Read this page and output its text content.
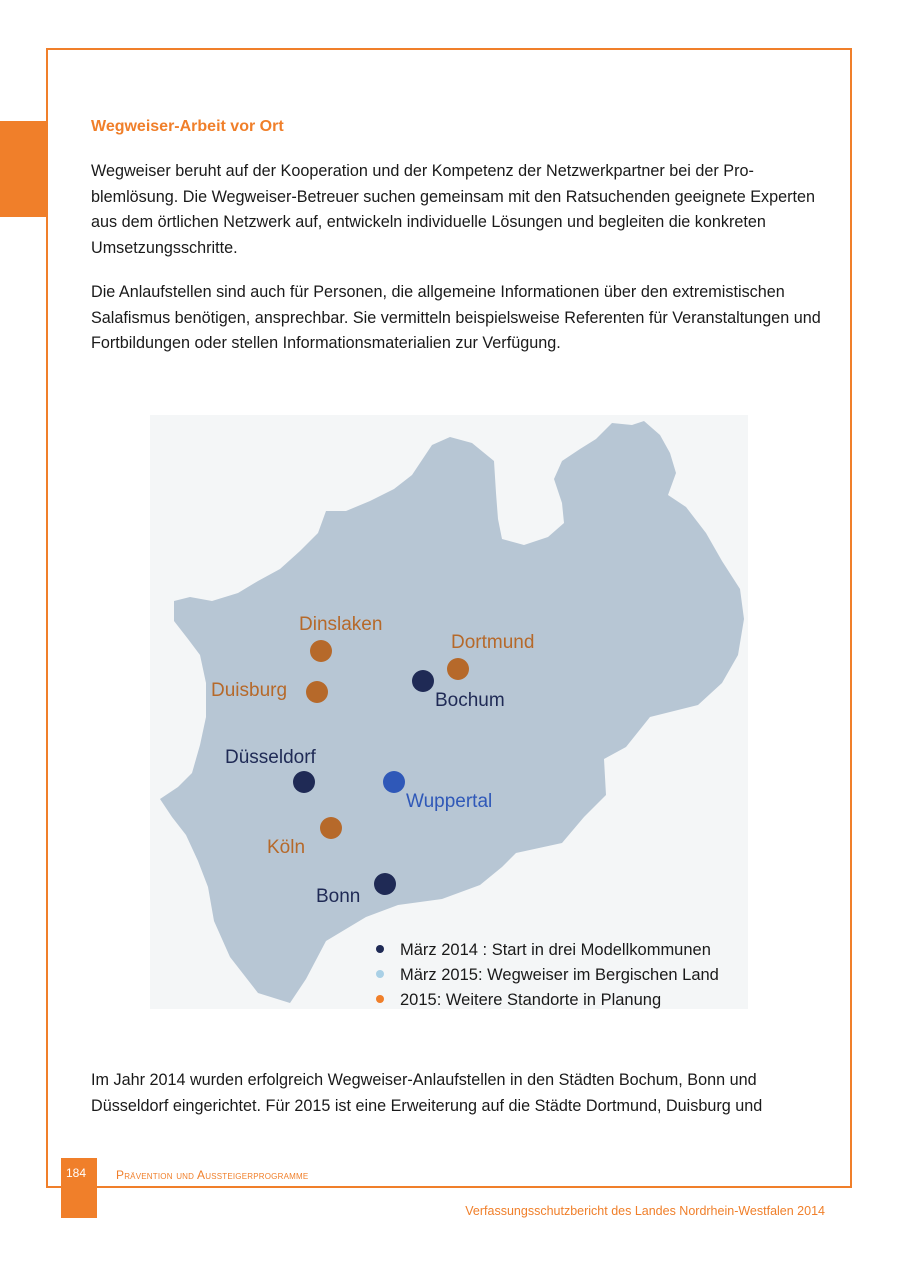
Wegweiser-Arbeit vor Ort

Wegweiser beruht auf der Kooperation und der Kompetenz der Netzwerkpartner bei der Problemlösung. Die Wegweiser-Betreuer suchen gemeinsam mit den Ratsuchenden geeignete Experten aus dem örtlichen Netzwerk auf, entwickeln individuelle Lösungen und begleiten die konkreten Umsetzungsschritte.

Die Anlaufstellen sind auch für Personen, die allgemeine Informationen über den extremistischen Salafismus benötigen, ansprechbar. Sie vermitteln beispielsweise Referenten für Veranstaltungen und Fortbildungen oder stellen Informationsmaterialien zur Verfügung.

Dinslaken
Dortmund
Duisburg	Bochum
Düsseldorf
Wuppertal
Köln
Bonn
März 2014 : Start in drei Modellkommunen
März 2015: Wegweiser im Bergischen Land
2015: Weitere Standorte in Planung

Im Jahr 2014 wurden erfolgreich Wegweiser-Anlaufstellen in den Städten Bochum, Bonn und Düsseldorf eingerichtet. Für 2015 ist eine Erweiterung auf die Städte Dortmund, Duisburg und

184	Prävention und Aussteigerprogramme
Verfassungsschutzbericht des Landes Nordrhein-Westfalen 2014
